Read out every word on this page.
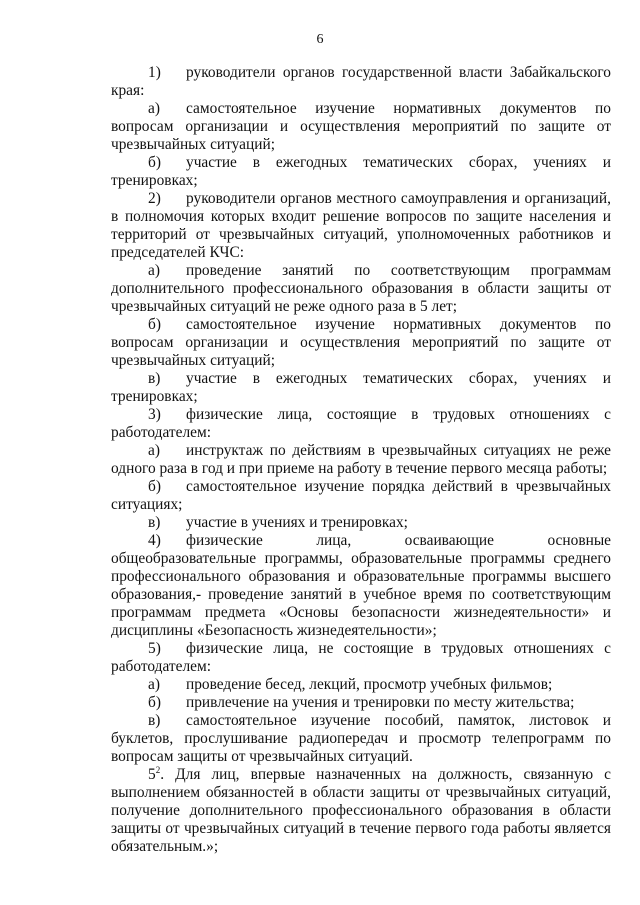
6

1) руководители органов государственной власти Забайкальского края:

а) самостоятельное изучение нормативных документов по вопросам организации и осуществления мероприятий по защите от чрезвычайных ситуаций;

б) участие в ежегодных тематических сборах, учениях и тренировках;

2) руководители органов местного самоуправления и организаций, в полномочия которых входит решение вопросов по защите населения и территорий от чрезвычайных ситуаций, уполномоченных работников и председателей КЧС:

а) проведение занятий по соответствующим программам дополнительного профессионального образования в области защиты от чрезвычайных ситуаций не реже одного раза в 5 лет;

б) самостоятельное изучение нормативных документов по вопросам организации и осуществления мероприятий по защите от чрезвычайных ситуаций;

в) участие в ежегодных тематических сборах, учениях и тренировках;

3) физические лица, состоящие в трудовых отношениях с работодателем:

а) инструктаж по действиям в чрезвычайных ситуациях не реже одного раза в год и при приеме на работу в течение первого месяца работы;

б) самостоятельное изучение порядка действий в чрезвычайных ситуациях;

в) участие в учениях и тренировках;

4) физические лица, осваивающие основные общеобразовательные программы, образовательные программы среднего профессионального образования и образовательные программы высшего образования,- проведение занятий в учебное время по соответствующим программам предмета «Основы безопасности жизнедеятельности» и дисциплины «Безопасность жизнедеятельности»;

5) физические лица, не состоящие в трудовых отношениях с работодателем:

а) проведение бесед, лекций, просмотр учебных фильмов;

б) привлечение на учения и тренировки по месту жительства;

в) самостоятельное изучение пособий, памяток, листовок и буклетов, прослушивание радиопередач и просмотр телепрограмм по вопросам защиты от чрезвычайных ситуаций.

$5^2$. Для лиц, впервые назначенных на должность, связанную с выполнением обязанностей в области защиты от чрезвычайных ситуаций, получение дополнительного профессионального образования в области защиты от чрезвычайных ситуаций в течение первого года работы является обязательным.»;
